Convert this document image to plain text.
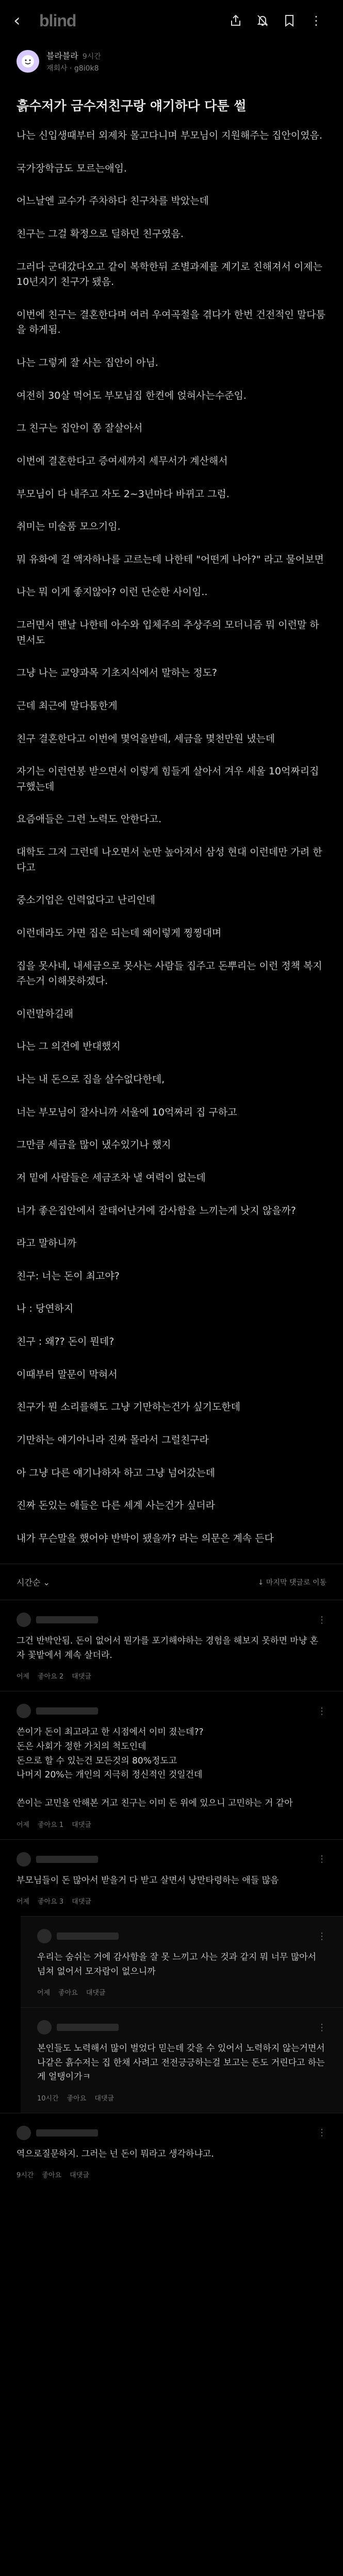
‹	blind	⋮
블라블라 9시간
재회사 · g8i0k8
흙수저가 금수저친구랑 얘기하다 다툰 썰

나는 신입생때부터 외제차 몰고다니며 부모님이 지원해주는 집안이였음.

국가장학금도 모르는애임.

어느날엔 교수가 주차하다 친구차를 박았는데

친구는 그걸 확정으로 딜하던 친구였음.

그러다 군대갔다오고 같이 복학한뒤 조별과제를 계기로 친해져서 이제는 10년지기 친구가 됐음.

이번에 친구는 결혼한다며 여러 우여곡절을 겪다가 한번 건전적인 말다툼을 하게됨.

나는 그렇게 잘 사는 집안이 아님.

여전히 30살 먹어도 부모님집 한켠에 얹혀사는수준임.

그 친구는 집안이 쫌 잘살아서

이번에 결혼한다고 증여세까지 세무서가 계산해서

부모님이 다 내주고 자도 2~3년마다 바뀌고 그럼.

취미는 미술품 모으기임.

뭐 유화에 걸 액자하나를 고르는데 나한테 "어떤게 나아?" 라고 물어보면

나는 뭐 이게 좋지않아? 이런 단순한 사이임..

그러면서 맨날 나한테 아수와 입체주의 추상주의 모더니즘 뭐 이런말 하면서도

그냥 나는 교양과목 기초지식에서 말하는 정도?

근데 최근에 말다툼한게

친구 결혼한다고 이번에 몇억을받데, 세금을 몇천만원 냈는데

자기는 이런연봉 받으면서 이렇게 힘들게 살아서 겨우 세울 10억짜리집 구했는데

요즘애들은 그런 노력도 안한다고.

대학도 그저 그런데 나오면서 눈만 높아져서 삼성 현대 이런데만 가려 한다고

중소기업은 인력없다고 난리인데

이런데라도 가면 집은 되는데 왜이렇게 찡찡대며

집을 못사네, 내세금으로 못사는 사람들 집주고 돈뿌리는 이런 정책 복지주는거 이해못하겠다.

이런말하길래

나는 그 의견에 반대했지

나는 내 돈으로 집을 살수없다한데,

너는 부모님이 잘사니까 서울에 10억짜리 집 구하고

그만큼 세금을 많이 냈수있기나 했지

저 밑에 사람들은 세금조차 낼 여력이 없는데

너가 좋은집안에서 잘태어난거에 감사함을 느끼는게 낫지 않을까?

라고 말하니까

친구: 너는 돈이 최고야?

나 : 당연하지

친구 : 왜?? 돈이 뭔데?

이때부터 말문이 막혀서

친구가 뭔 소리를해도 그냥 기만하는건가 싶기도한데

기만하는 얘기아니라 진짜 몰라서 그럴친구라

아 그냥 다른 얘기나하자 하고 그냥 넘어갔는데

진짜 돈있는 애들은 다른 세계 사는건가 싶더라

내가 무슨말을 했어야 반박이 됐을까? 라는 의문은 계속 든다

시간순 ⌄	↓ 마지막 댓글로 이동
⋮
그건 반박안됨. 돈이 없어서 뭔가를 포기해야하는 경험을 해보지 못하면 마냥 혼자 꽃밭에서 계속 살더라.
어제 좋아요 2 대댓글
⋮
쓴이가 돈이 최고라고 한 시점에서 이미 졌는데??
돈은 사회가 정한 가치의 척도인데
돈으로 할 수 있는건 모든것의 80%정도고
나머지 20%는 개인의 지극히 정신적인 것일건데

쓴이는 고민을 안해본 거고 친구는 이미 돈 위에 있으니 고민하는 거 같아
어제 좋아요 1 대댓글
⋮
부모님들이 돈 많아서 받을거 다 받고 살면서 낭만타령하는 애들 많음
어제 좋아요 3 대댓글
⋮
우리는 숨쉬는 거에 감사함을 잘 못 느끼고 사는 것과 같지 뭐 너무 많아서 넘쳐 없어서 모자람이 없으니까
어제 좋아요 대댓글
⋮
본인들도 노력해서 많이 벌었다 믿는데 갖을 수 있어서 노력하지 않는거면서
나같은 흙수저는 집 한채 사려고 전전긍긍하는걸 보고는 돈도 거린다고 하는게 얼탱이가ㅋ
10시간 좋아요 대댓글
⋮
역으로질문하지. 그러는 넌 돈이 뭐라고 생각하냐고.
9시간 좋아요 대댓글
